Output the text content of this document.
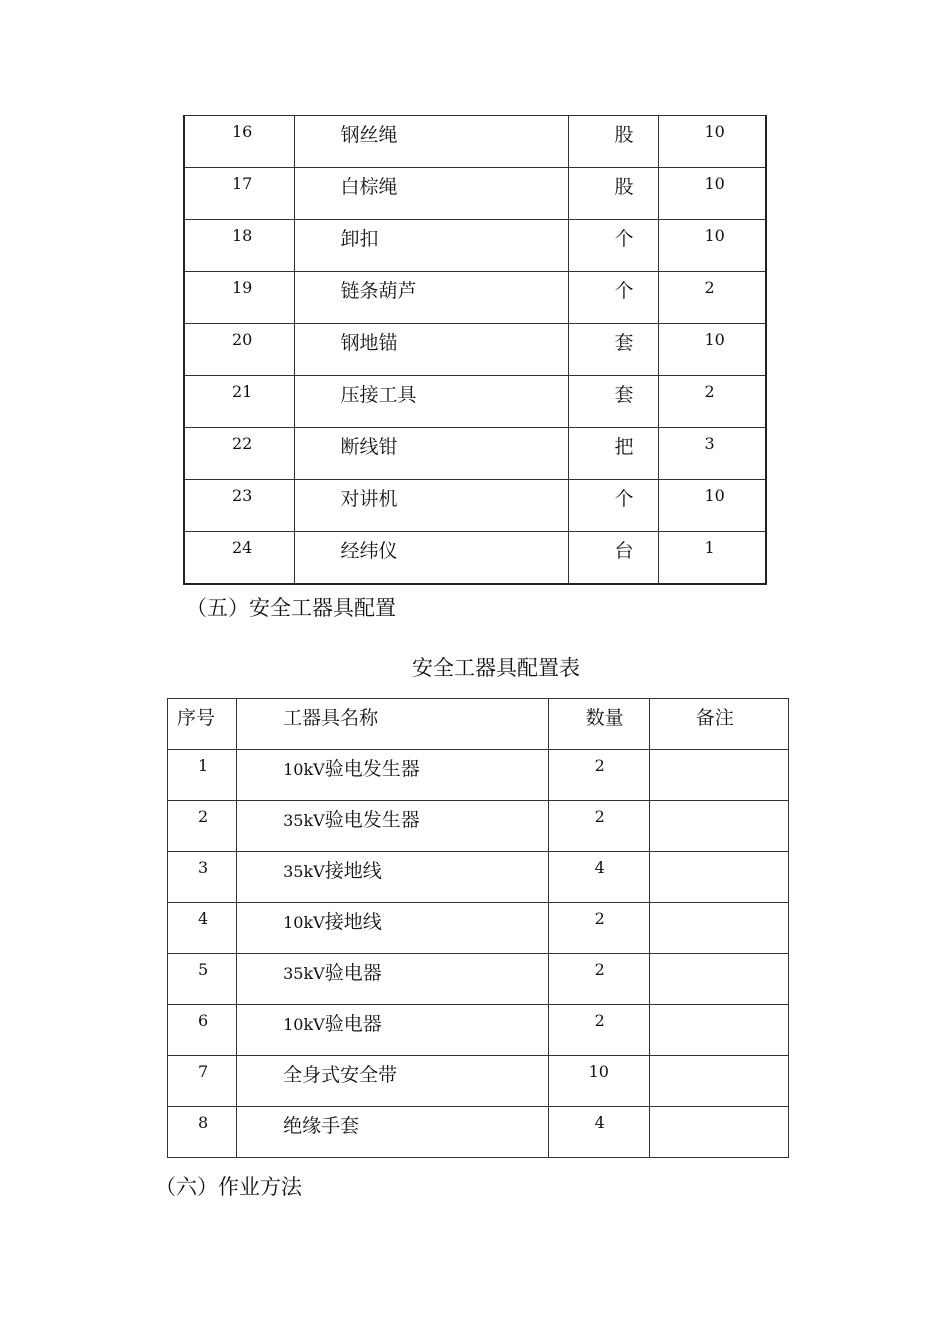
16	钢丝绳	股	10
17	白棕绳	股	10
18	卸扣	个	10
19	链条葫芦	个	2
20	钢地锚	套	10
21	压接工具	套	2
22	断线钳	把	3
23	对讲机	个	10
24	经纬仪	台	1
（五）安全工器具配置
安全工器具配置表
序号	工器具名称	数量	备注
1	10kV验电发生器	2	
2	35kV验电发生器	2	
3	35kV接地线	4	
4	10kV接地线	2	
5	35kV验电器	2	
6	10kV验电器	2	
7	全身式安全带	10	
8	绝缘手套	4	
（六）作业方法
